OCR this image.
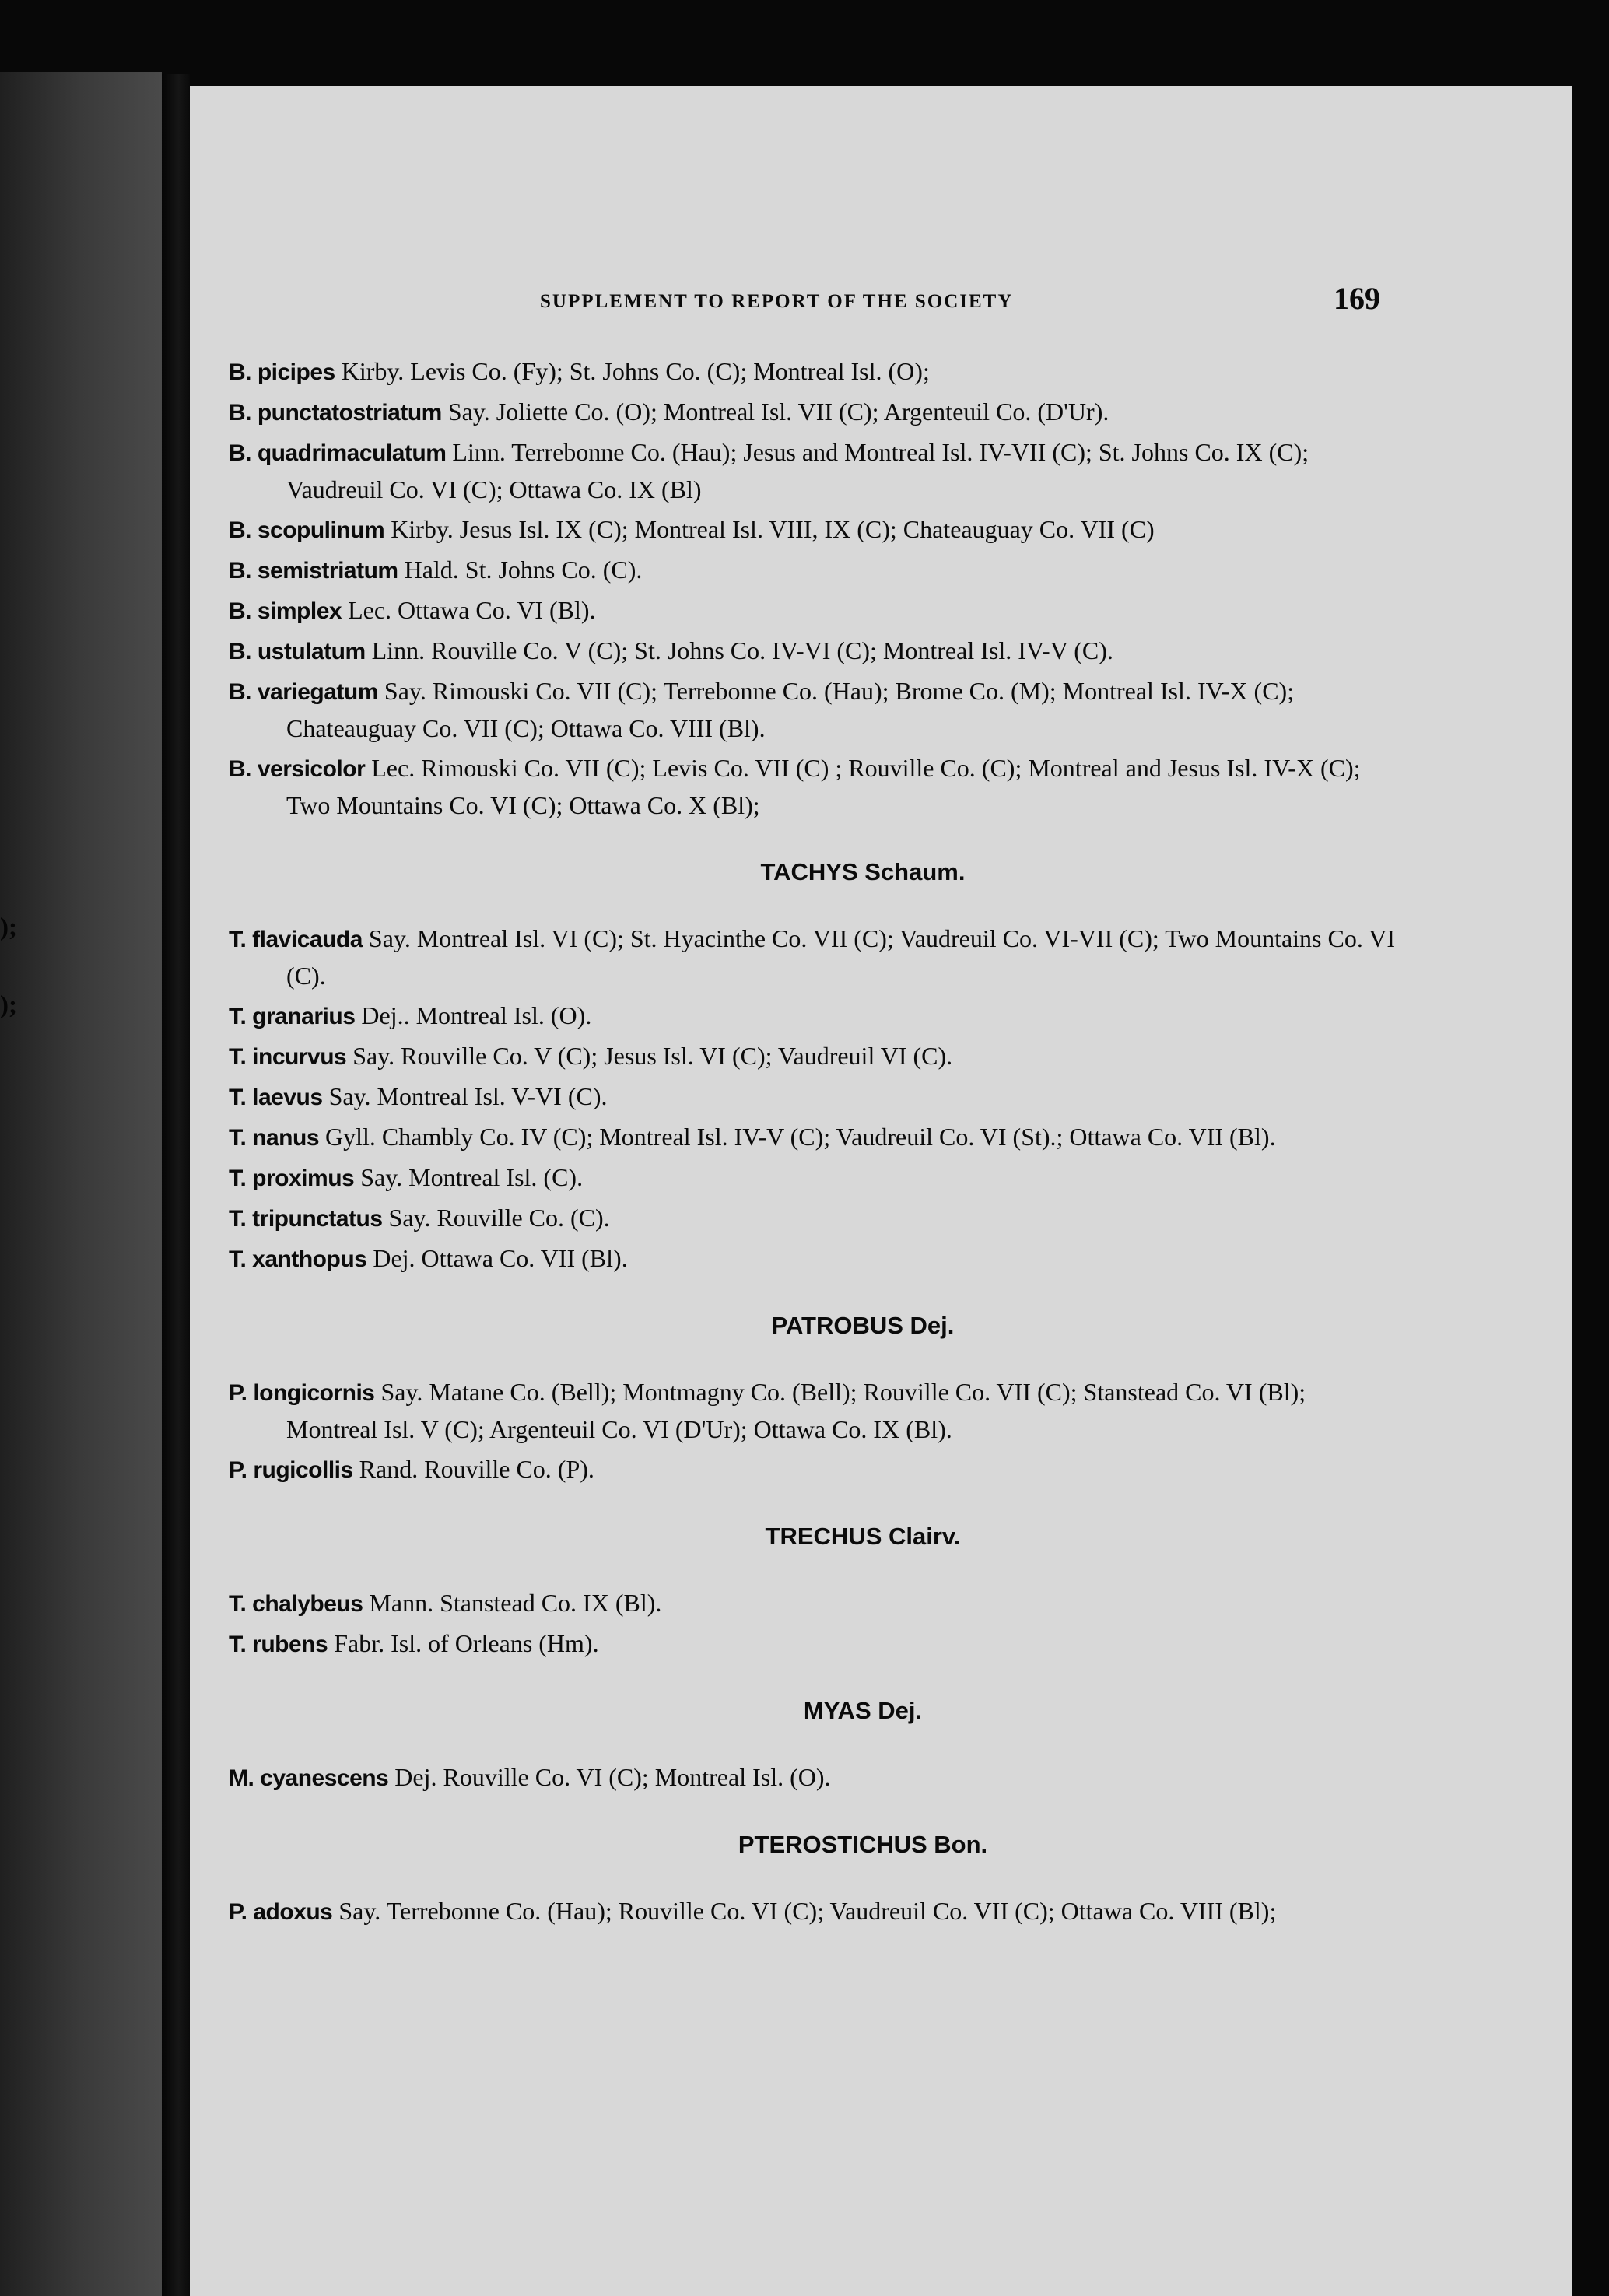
);
);
SUPPLEMENT TO REPORT OF THE SOCIETY	169
B. picipes Kirby. Levis Co. (Fy); St. Johns Co. (C); Montreal Isl. (O);
B. punctatostriatum Say. Joliette Co. (O); Montreal Isl. VII (C); Argenteuil Co. (D'Ur).
B. quadrimaculatum Linn. Terrebonne Co. (Hau); Jesus and Montreal Isl. IV-VII (C); St. Johns Co. IX (C); Vaudreuil Co. VI (C); Ottawa Co. IX (Bl)
B. scopulinum Kirby. Jesus Isl. IX (C); Montreal Isl. VIII, IX (C); Chateauguay Co. VII (C)
B. semistriatum Hald. St. Johns Co. (C).
B. simplex Lec. Ottawa Co. VI (Bl).
B. ustulatum Linn. Rouville Co. V (C); St. Johns Co. IV-VI (C); Montreal Isl. IV-V (C).
B. variegatum Say. Rimouski Co. VII (C); Terrebonne Co. (Hau); Brome Co. (M); Montreal Isl. IV-X (C); Chateauguay Co. VII (C); Ottawa Co. VIII (Bl).
B. versicolor Lec. Rimouski Co. VII (C); Levis Co. VII (C) ; Rouville Co. (C); Montreal and Jesus Isl. IV-X (C); Two Mountains Co. VI (C); Ottawa Co. X (Bl);
TACHYS Schaum.
T. flavicauda Say. Montreal Isl. VI (C); St. Hyacinthe Co. VII (C); Vaudreuil Co. VI-VII (C); Two Mountains Co. VI (C).
T. granarius Dej.. Montreal Isl. (O).
T. incurvus Say. Rouville Co. V (C); Jesus Isl. VI (C); Vaudreuil VI (C).
T. laevus Say. Montreal Isl. V-VI (C).
T. nanus Gyll. Chambly Co. IV (C); Montreal Isl. IV-V (C); Vaudreuil Co. VI (St).; Ottawa Co. VII (Bl).
T. proximus Say. Montreal Isl. (C).
T. tripunctatus Say. Rouville Co. (C).
T. xanthopus Dej. Ottawa Co. VII (Bl).
PATROBUS Dej.
P. longicornis Say. Matane Co. (Bell); Montmagny Co. (Bell); Rouville Co. VII (C); Stanstead Co. VI (Bl); Montreal Isl. V (C); Argenteuil Co. VI (D'Ur); Ottawa Co. IX (Bl).
P. rugicollis Rand. Rouville Co. (P).
TRECHUS Clairv.
T. chalybeus Mann. Stanstead Co. IX (Bl).
T. rubens Fabr. Isl. of Orleans (Hm).
MYAS Dej.
M. cyanescens Dej. Rouville Co. VI (C); Montreal Isl. (O).
PTEROSTICHUS Bon.
P. adoxus Say. Terrebonne Co. (Hau); Rouville Co. VI (C); Vaudreuil Co. VII (C); Ottawa Co. VIII (Bl);
